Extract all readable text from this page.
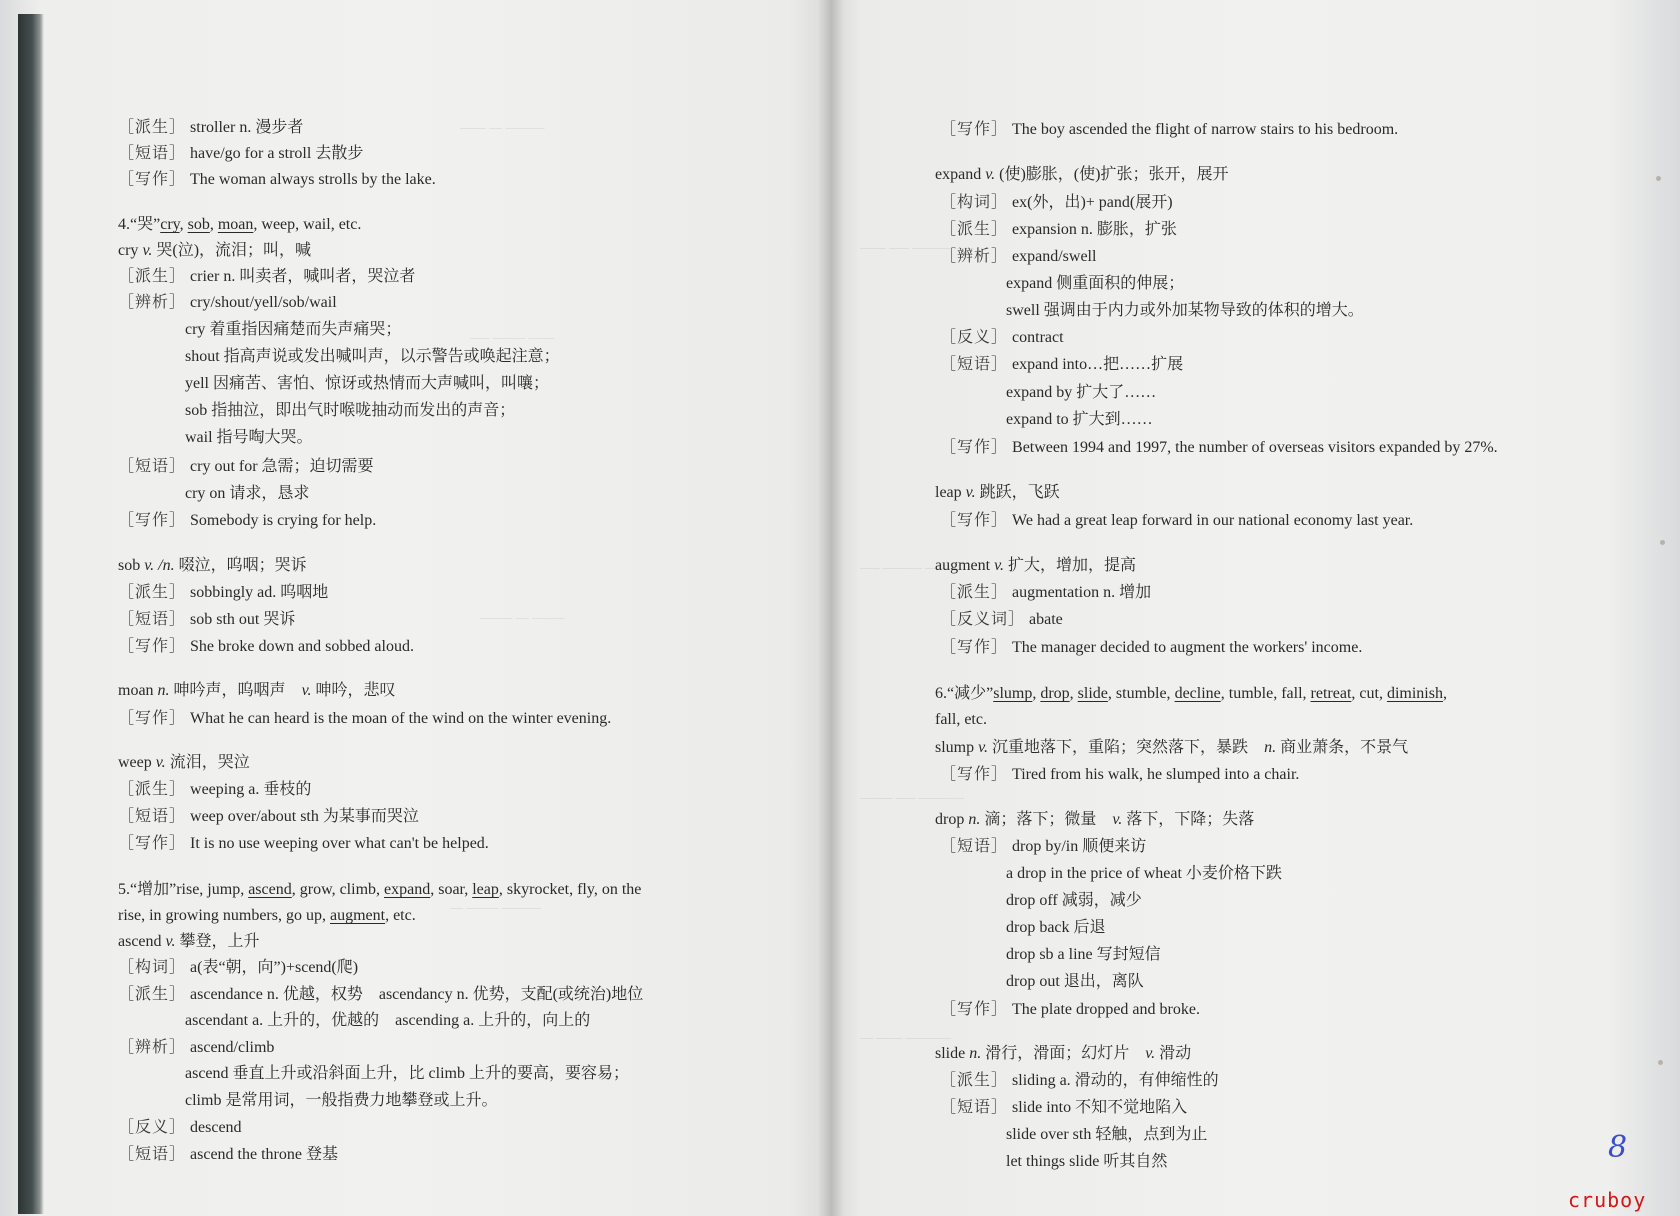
⎯⎯⎯⎯ ⎯⎯ ⎯⎯⎯⎯⎯⎯
⎯⎯⎯ ⎯⎯⎯⎯⎯ ⎯⎯⎯⎯
⎯⎯⎯⎯⎯ ⎯⎯ ⎯⎯⎯⎯⎯
⎯⎯ ⎯⎯⎯⎯⎯ ⎯⎯⎯⎯⎯⎯
⎯⎯⎯⎯ ⎯⎯⎯ ⎯⎯⎯⎯⎯⎯ ⎯⎯⎯
⎯⎯⎯ ⎯⎯⎯⎯⎯⎯ ⎯⎯⎯⎯
⎯⎯⎯⎯⎯ ⎯⎯⎯ ⎯⎯⎯⎯⎯⎯⎯
⎯⎯ ⎯⎯⎯⎯ ⎯⎯⎯⎯⎯⎯⎯
［派生］ stroller n. 漫步者
［短语］ have/go for a stroll 去散步
［写作］ The woman always strolls by the lake.
4.“哭”cry, sob, moan, weep, wail, etc.
cry v. 哭(泣)，流泪；叫，喊
［派生］ crier n. 叫卖者，喊叫者，哭泣者
［辨析］ cry/shout/yell/sob/wail
cry 着重指因痛楚而失声痛哭；
shout 指高声说或发出喊叫声，以示警告或唤起注意；
yell 因痛苦、害怕、惊讶或热情而大声喊叫，叫嚷；
sob 指抽泣，即出气时喉咙抽动而发出的声音；
wail 指号啕大哭。
［短语］ cry out for 急需；迫切需要
cry on 请求，恳求
［写作］ Somebody is crying for help.
sob v. /n. 啜泣，呜咽；哭诉
［派生］ sobbingly ad. 呜咽地
［短语］ sob sth out 哭诉
［写作］ She broke down and sobbed aloud.
moan n. 呻吟声，呜咽声　v. 呻吟，悲叹
［写作］ What he can heard is the moan of the wind on the winter evening.
weep v. 流泪，哭泣
［派生］ weeping a. 垂枝的
［短语］ weep over/about sth 为某事而哭泣
［写作］ It is no use weeping over what can't be helped.
5.“增加”rise, jump, ascend, grow, climb, expand, soar, leap, skyrocket, fly, on the
rise, in growing numbers, go up, augment, etc.
ascend v. 攀登，上升
［构词］ a(表“朝，向”)+scend(爬)
［派生］ ascendance n. 优越，权势　ascendancy n. 优势，支配(或统治)地位
ascendant a. 上升的，优越的　ascending a. 上升的，向上的
［辨析］ ascend/climb
ascend 垂直上升或沿斜面上升，比 climb 上升的要高，要容易；
climb 是常用词，一般指费力地攀登或上升。
［反义］ descend
［短语］ ascend the throne 登基
［写作］ The boy ascended the flight of narrow stairs to his bedroom.
expand v. (使)膨胀，(使)扩张；张开，展开
［构词］ ex(外，出)+ pand(展开)
［派生］ expansion n. 膨胀，扩张
［辨析］ expand/swell
expand 侧重面积的伸展；
swell 强调由于内力或外加某物导致的体积的增大。
［反义］ contract
［短语］ expand into…把……扩展
expand by 扩大了……
expand to 扩大到……
［写作］ Between 1994 and 1997, the number of overseas visitors expanded by 27%.
leap v. 跳跃，飞跃
［写作］ We had a great leap forward in our national economy last year.
augment v. 扩大，增加，提高
［派生］ augmentation n. 增加
［反义词］ abate
［写作］ The manager decided to augment the workers' income.
6.“减少”slump, drop, slide, stumble, decline, tumble, fall, retreat, cut, diminish,
fall, etc.
slump v. 沉重地落下，重陷；突然落下，暴跌　n. 商业萧条，不景气
［写作］ Tired from his walk, he slumped into a chair.
drop n. 滴；落下；微量　v. 落下，下降；失落
［短语］ drop by/in 顺便来访
a drop in the price of wheat 小麦价格下跌
drop off 减弱，减少
drop back 后退
drop sb a line 写封短信
drop out 退出，离队
［写作］ The plate dropped and broke.
slide n. 滑行，滑面；幻灯片　v. 滑动
［派生］ sliding a. 滑动的，有伸缩性的
［短语］ slide into 不知不觉地陷入
slide over sth 轻触，点到为止
let things slide 听其自然	8
cruboy
